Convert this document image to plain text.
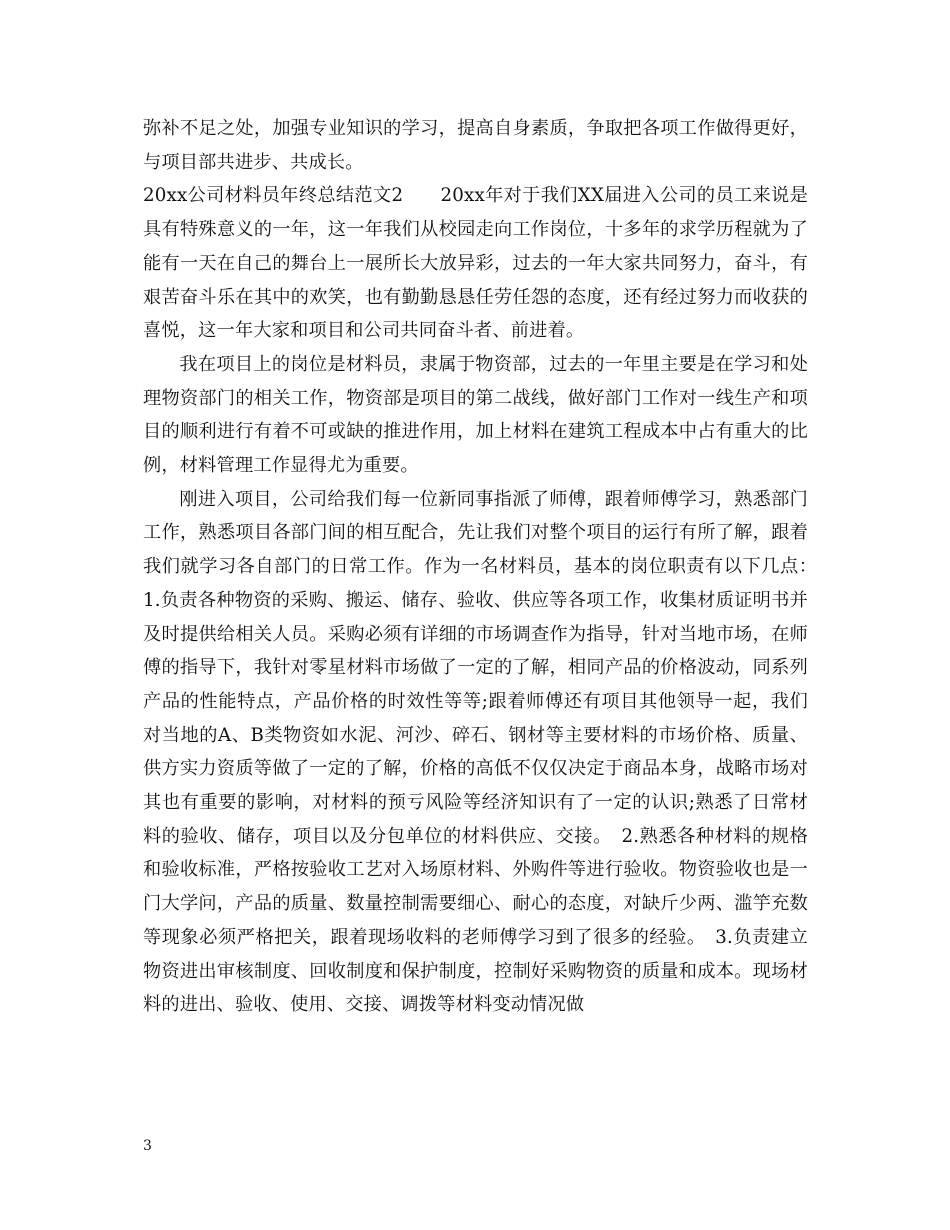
弥补不足之处，加强专业知识的学习，提高自身素质，争取把各项工作做得更好，与项目部共进步、共成长。

20xx公司材料员年终总结范文2　　20xx年对于我们XX届进入公司的员工来说是具有特殊意义的一年，这一年我们从校园走向工作岗位，十多年的求学历程就为了能有一天在自己的舞台上一展所长大放异彩，过去的一年大家共同努力，奋斗，有艰苦奋斗乐在其中的欢笑，也有勤勤恳恳任劳任怨的态度，还有经过努力而收获的喜悦，这一年大家和项目和公司共同奋斗者、前进着。

我在项目上的岗位是材料员，隶属于物资部，过去的一年里主要是在学习和处理物资部门的相关工作，物资部是项目的第二战线，做好部门工作对一线生产和项目的顺利进行有着不可或缺的推进作用，加上材料在建筑工程成本中占有重大的比例，材料管理工作显得尤为重要。

刚进入项目，公司给我们每一位新同事指派了师傅，跟着师傅学习，熟悉部门工作，熟悉项目各部门间的相互配合，先让我们对整个项目的运行有所了解，跟着我们就学习各自部门的日常工作。作为一名材料员，基本的岗位职责有以下几点：　1.负责各种物资的采购、搬运、储存、验收、供应等各项工作，收集材质证明书并及时提供给相关人员。采购必须有详细的市场调查作为指导，针对当地市场，在师傅的指导下，我针对零星材料市场做了一定的了解，相同产品的价格波动，同系列产品的性能特点，产品价格的时效性等等;跟着师傅还有项目其他领导一起，我们对当地的A、B类物资如水泥、河沙、碎石、钢材等主要材料的市场价格、质量、供方实力资质等做了一定的了解，价格的高低不仅仅决定于商品本身，战略市场对其也有重要的影响，对材料的预亏风险等经济知识有了一定的认识;熟悉了日常材料的验收、储存，项目以及分包单位的材料供应、交接。　2.熟悉各种材料的规格和验收标准，严格按验收工艺对入场原材料、外购件等进行验收。物资验收也是一门大学问，产品的质量、数量控制需要细心、耐心的态度，对缺斤少两、滥竽充数等现象必须严格把关，跟着现场收料的老师傅学习到了很多的经验。　3.负责建立物资进出审核制度、回收制度和保护制度，控制好采购物资的质量和成本。现场材料的进出、验收、使用、交接、调拨等材料变动情况做

3
